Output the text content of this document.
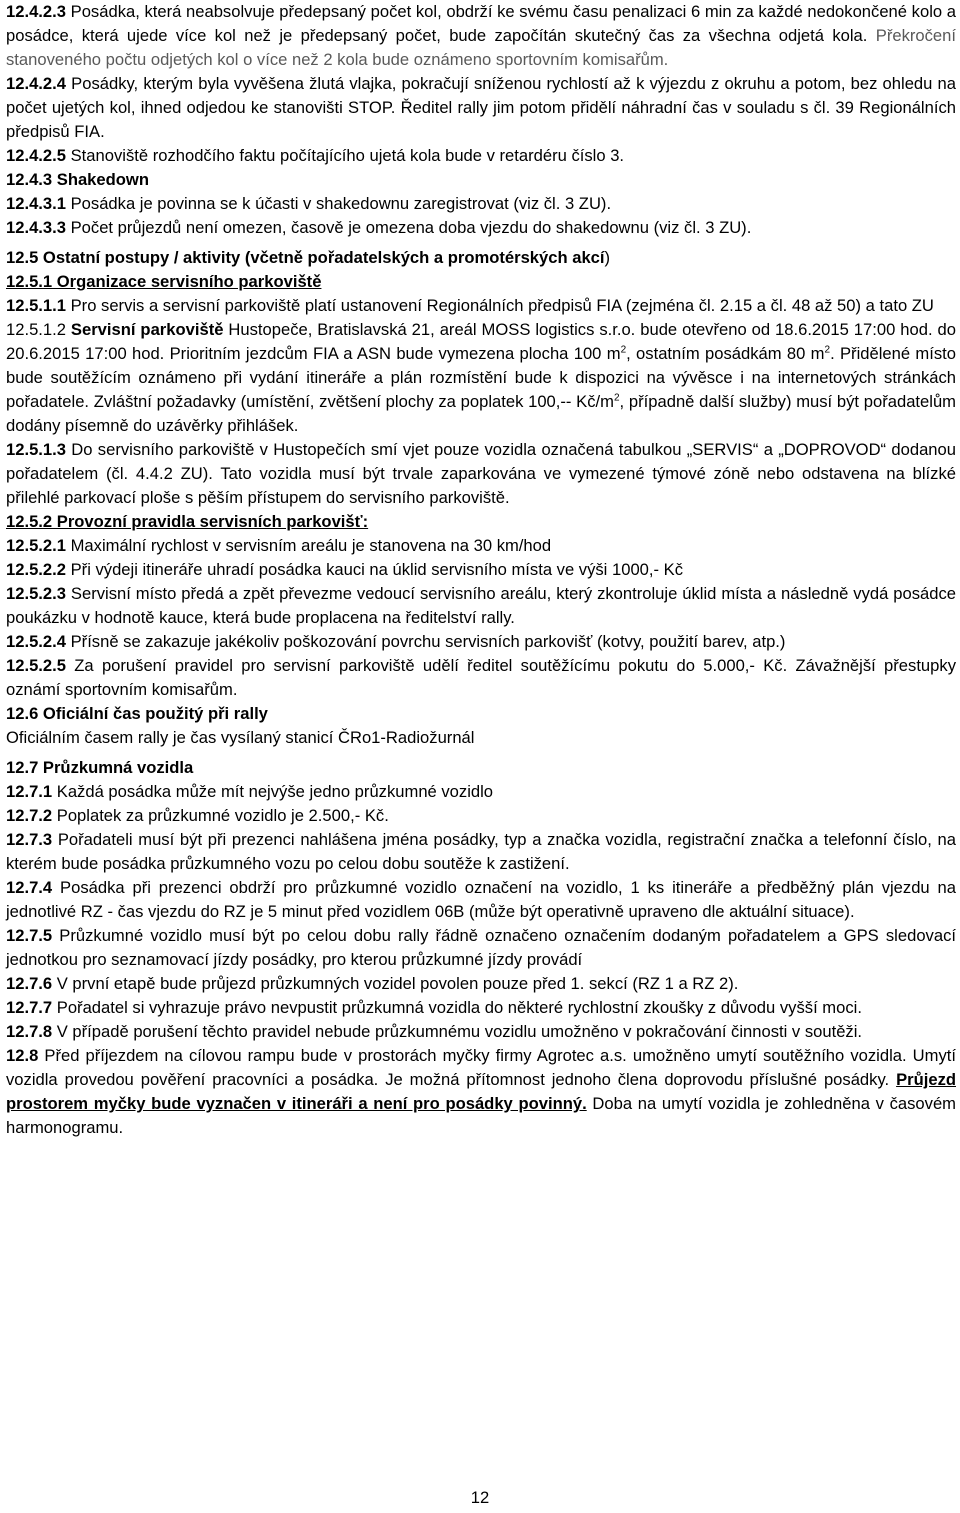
12.4.2.3 Posádka, která neabsolvuje předepsaný počet kol, obdrží ke svému času penalizaci 6 min za každé nedokončené kolo a posádce, která ujede více kol než je předepsaný počet, bude započítán skutečný čas za všechna odjetá kola. Překročení stanoveného počtu odjetých kol o více než 2 kola bude oznámeno sportovním komisařům.
12.4.2.4 Posádky, kterým byla vyvěšena žlutá vlajka, pokračují sníženou rychlostí až k výjezdu z okruhu a potom, bez ohledu na počet ujetých kol, ihned odjedou ke stanovišti STOP. Ředitel rally jim potom přidělí náhradní čas v souladu s čl. 39 Regionálních předpisů FIA.
12.4.2.5 Stanoviště rozhodčího faktu počítajícího ujetá kola bude v retardéru číslo 3.
12.4.3 Shakedown
12.4.3.1 Posádka je povinna se k účasti v shakedownu zaregistrovat (viz čl. 3 ZU).
12.4.3.3 Počet průjezdů není omezen, časově je omezena doba vjezdu do shakedownu (viz čl. 3 ZU).
12.5 Ostatní postupy / aktivity (včetně pořadatelských a promotérských akcí)
12.5.1 Organizace servisního parkoviště
12.5.1.1 Pro servis a servisní parkoviště platí ustanovení Regionálních předpisů FIA (zejména čl. 2.15 a čl. 48 až 50) a tato ZU
12.5.1.2 Servisní parkoviště Hustopeče, Bratislavská 21, areál MOSS logistics s.r.o. bude otevřeno od 18.6.2015 17:00 hod. do 20.6.2015 17:00 hod. Prioritním jezdcům FIA a ASN bude vymezena plocha 100 $m^2$, ostatním posádkám 80 $m^2$. Přidělené místo bude soutěžícím oznámeno při vydání itineráře a plán rozmístění bude k dispozici na vývěsce i na internetových stránkách pořadatele. Zvláštní požadavky (umístění, zvětšení plochy za poplatek 100,-- $Kč/m^2$, případně další služby) musí být pořadatelům dodány písemně do uzávěrky přihlášek.
12.5.1.3 Do servisního parkoviště v Hustopečích smí vjet pouze vozidla označená tabulkou „SERVIS“ a „DOPROVOD“ dodanou pořadatelem (čl. 4.4.2 ZU). Tato vozidla musí být trvale zaparkována ve vymezené týmové zóně nebo odstavena na blízké přilehlé parkovací ploše s pěším přístupem do servisního parkoviště.
12.5.2 Provozní pravidla servisních parkovišť:
12.5.2.1 Maximální rychlost v servisním areálu je stanovena na 30 km/hod
12.5.2.2 Při výdeji itineráře uhradí posádka kauci na úklid servisního místa ve výši 1000,- Kč
12.5.2.3 Servisní místo předá a zpět převezme vedoucí servisního areálu, který zkontroluje úklid místa a následně vydá posádce poukázku v hodnotě kauce, která bude proplacena na ředitelství rally.
12.5.2.4 Přísně se zakazuje jakékoliv poškozování povrchu servisních parkovišť (kotvy, použití barev, atp.)
12.5.2.5 Za porušení pravidel pro servisní parkoviště udělí ředitel soutěžícímu pokutu do 5.000,- Kč. Závažnější přestupky oznámí sportovním komisařům.
12.6 Oficiální čas použitý při rally
Oficiálním časem rally je čas vysílaný stanicí ČRo1-Radiožurnál
12.7 Průzkumná vozidla
12.7.1 Každá posádka může mít nejvýše jedno průzkumné vozidlo
12.7.2 Poplatek za průzkumné vozidlo je 2.500,- Kč.
12.7.3 Pořadateli musí být při prezenci nahlášena jména posádky, typ a značka vozidla, registrační značka a telefonní číslo, na kterém bude posádka průzkumného vozu po celou dobu soutěže k zastižení.
12.7.4 Posádka při prezenci obdrží pro průzkumné vozidlo označení na vozidlo, 1 ks itineráře a předběžný plán vjezdu na jednotlivé RZ - čas vjezdu do RZ je 5 minut před vozidlem 06B (může být operativně upraveno dle aktuální situace).
12.7.5 Průzkumné vozidlo musí být po celou dobu rally řádně označeno označením dodaným pořadatelem a GPS sledovací jednotkou pro seznamovací jízdy posádky, pro kterou průzkumné jízdy provádí
12.7.6 V první etapě bude průjezd průzkumných vozidel povolen pouze před 1. sekcí (RZ 1 a RZ 2).
12.7.7 Pořadatel si vyhrazuje právo nevpustit průzkumná vozidla do některé rychlostní zkoušky z důvodu vyšší moci.
12.7.8 V případě porušení těchto pravidel nebude průzkumnému vozidlu umožněno v pokračování činnosti v soutěži.
12.8 Před příjezdem na cílovou rampu bude v prostorách myčky firmy Agrotec a.s. umožněno umytí soutěžního vozidla. Umytí vozidla provedou pověření pracovníci a posádka. Je možná přítomnost jednoho člena doprovodu příslušné posádky. Průjezd prostorem myčky bude vyznačen v itineráři a není pro posádky povinný. Doba na umytí vozidla je zohledněna v časovém harmonogramu.
12
